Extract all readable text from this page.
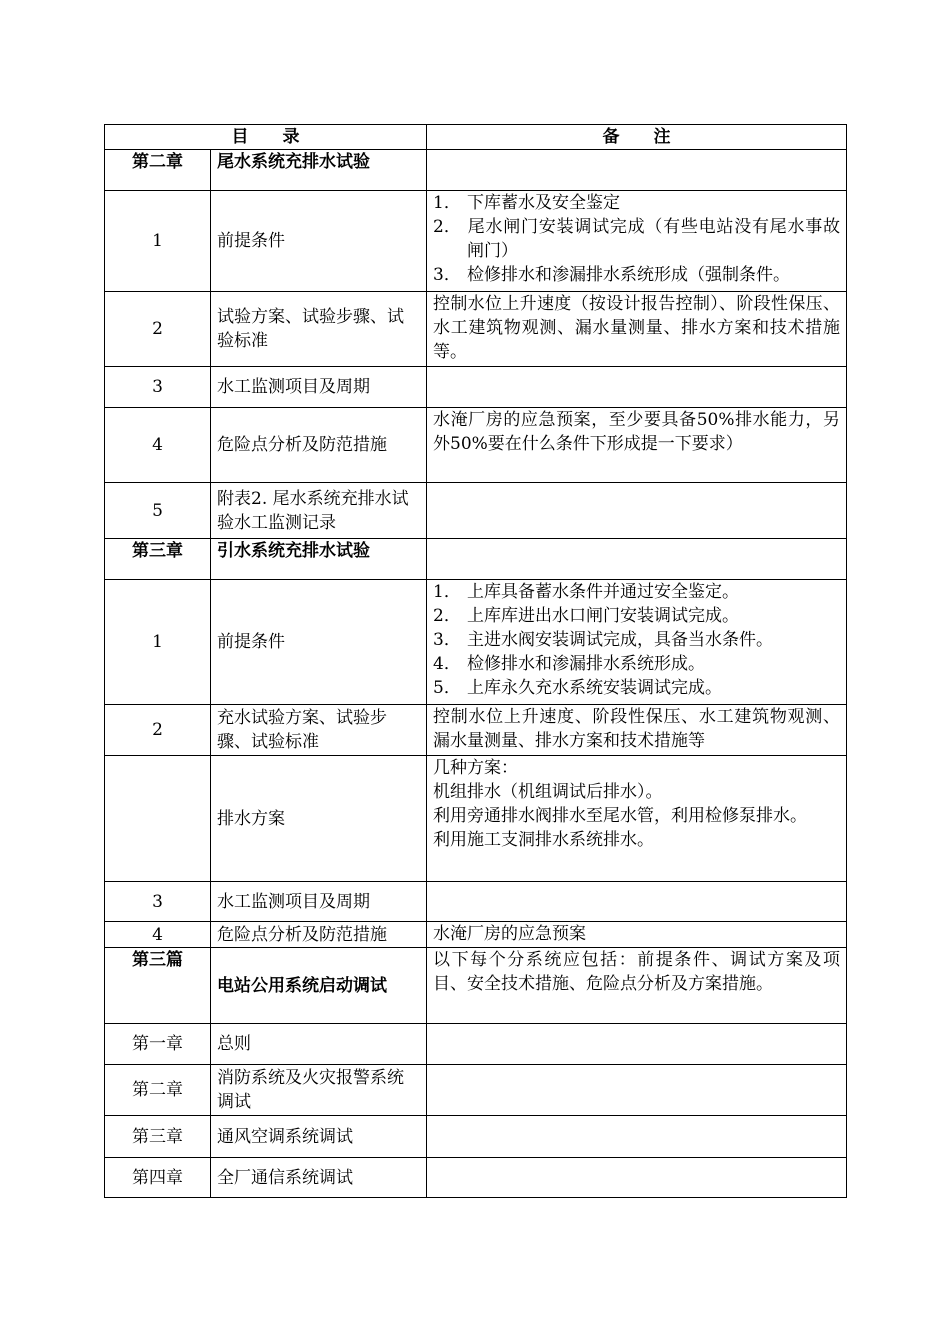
目　　录		备　　注
第二章	尾水系统充排水试验	
1	前提条件	1． 下库蓄水及安全鉴定
2． 尾水闸门安装调试完成（有些电站没有尾水事故闸门）
3． 检修排水和渗漏排水系统形成（强制条件。

2	试验方案、试验步骤、试验标准	控制水位上升速度（按设计报告控制）、阶段性保压、水工建筑物观测、漏水量测量、排水方案和技术措施等。
3	水工监测项目及周期	
4	危险点分析及防范措施	水淹厂房的应急预案，至少要具备50%排水能力，另外50%要在什么条件下形成提一下要求）
5	附表2. 尾水系统充排水试验水工监测记录	
第三章	引水系统充排水试验	
1	前提条件	1． 上库具备蓄水条件并通过安全鉴定。
2． 上库库进出水口闸门安装调试完成。
3． 主进水阀安装调试完成，具备当水条件。
4． 检修排水和渗漏排水系统形成。
5． 上库永久充水系统安装调试完成。

2	充水试验方案、试验步骤、试验标准	控制水位上升速度、阶段性保压、水工建筑物观测、漏水量测量、排水方案和技术措施等
	排水方案	几种方案：
机组排水（机组调试后排水）。
利用旁通排水阀排水至尾水管，利用检修泵排水。
利用施工支洞排水系统排水。

3	水工监测项目及周期	
4	危险点分析及防范措施	水淹厂房的应急预案
第三篇	电站公用系统启动调试	以下每个分系统应包括：前提条件、调试方案及项目、安全技术措施、危险点分析及方案措施。
第一章	总则	
第二章	消防系统及火灾报警系统调试	
第三章	通风空调系统调试	
第四章	全厂通信系统调试	
